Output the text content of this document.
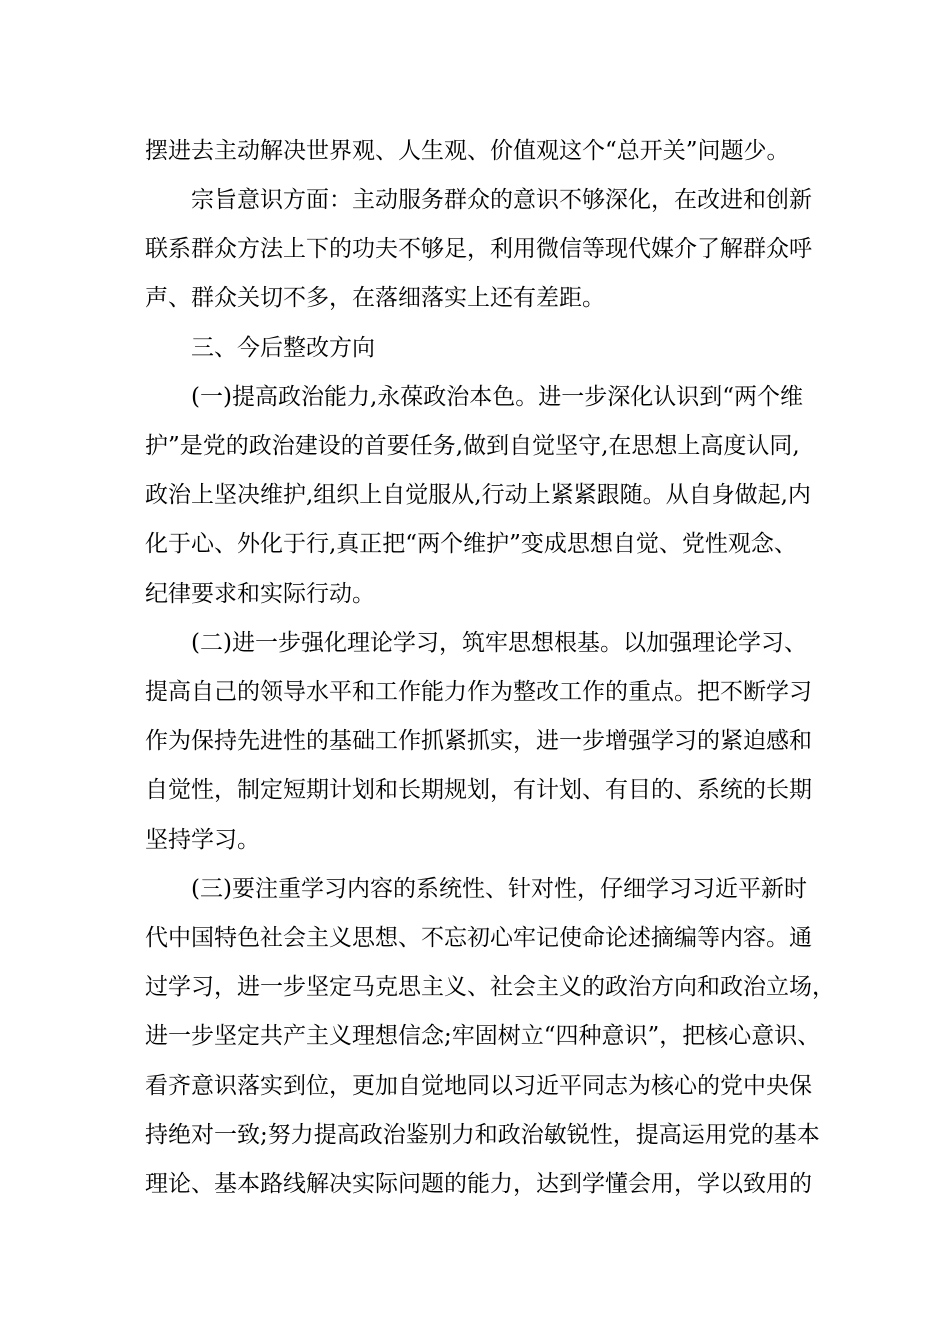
摆进去主动解决世界观、人生观、价值观这个“总开关”问题少。
宗旨意识方面：主动服务群众的意识不够深化，在改进和创新
联系群众方法上下的功夫不够足，利用微信等现代媒介了解群众呼
声、群众关切不多，在落细落实上还有差距。
三、今后整改方向
(一)提高政治能力,永葆政治本色。进一步深化认识到“两个维
护”是党的政治建设的首要任务,做到自觉坚守,在思想上高度认同,
政治上坚决维护,组织上自觉服从,行动上紧紧跟随。从自身做起,内
化于心、外化于行,真正把“两个维护”变成思想自觉、党性观念、
纪律要求和实际行动。
(二)进一步强化理论学习，筑牢思想根基。以加强理论学习、
提高自己的领导水平和工作能力作为整改工作的重点。把不断学习
作为保持先进性的基础工作抓紧抓实，进一步增强学习的紧迫感和
自觉性，制定短期计划和长期规划，有计划、有目的、系统的长期
坚持学习。
(三)要注重学习内容的系统性、针对性，仔细学习习近平新时
代中国特色社会主义思想、不忘初心牢记使命论述摘编等内容。通
过学习，进一步坚定马克思主义、社会主义的政治方向和政治立场，
进一步坚定共产主义理想信念;牢固树立“四种意识”，把核心意识、
看齐意识落实到位，更加自觉地同以习近平同志为核心的党中央保
持绝对一致;努力提高政治鉴别力和政治敏锐性，提高运用党的基本
理论、基本路线解决实际问题的能力，达到学懂会用，学以致用的
